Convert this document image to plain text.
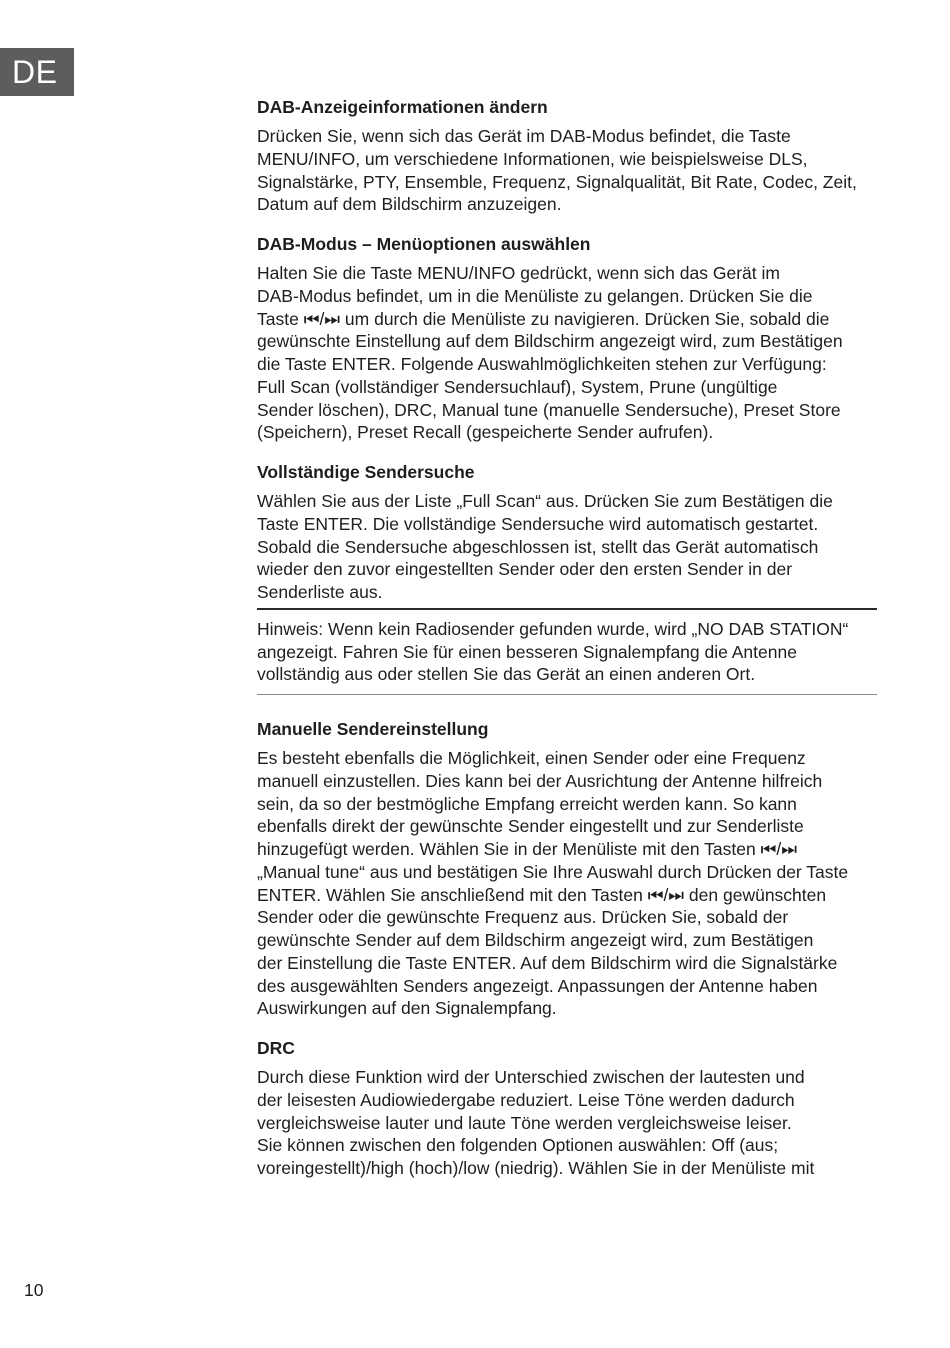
DE
DAB-Anzeigeinformationen ändern

Drücken Sie, wenn sich das Gerät im DAB-Modus befindet, die Taste
MENU/INFO, um verschiedene Informationen, wie beispielsweise DLS,
Signalstärke, PTY, Ensemble, Frequenz, Signalqualität, Bit Rate, Codec, Zeit,
Datum auf dem Bildschirm anzuzeigen.

DAB-Modus – Menüoptionen auswählen

Halten Sie die Taste MENU/INFO gedrückt, wenn sich das Gerät im
DAB-Modus befindet, um in die Menüliste zu gelangen. Drücken Sie die
Taste ⏮/⏭ um durch die Menüliste zu navigieren. Drücken Sie, sobald die
gewünschte Einstellung auf dem Bildschirm angezeigt wird, zum Bestätigen
die Taste ENTER. Folgende Auswahlmöglichkeiten stehen zur Verfügung:
Full Scan (vollständiger Sendersuchlauf), System, Prune (ungültige
Sender löschen), DRC, Manual tune (manuelle Sendersuche), Preset Store
(Speichern), Preset Recall (gespeicherte Sender aufrufen).

Vollständige Sendersuche

Wählen Sie aus der Liste „Full Scan“ aus. Drücken Sie zum Bestätigen die
Taste ENTER. Die vollständige Sendersuche wird automatisch gestartet.
Sobald die Sendersuche abgeschlossen ist, stellt das Gerät automatisch
wieder den zuvor eingestellten Sender oder den ersten Sender in der
Senderliste aus.

Hinweis: Wenn kein Radiosender gefunden wurde, wird „NO DAB STATION“
angezeigt. Fahren Sie für einen besseren Signalempfang die Antenne
vollständig aus oder stellen Sie das Gerät an einen anderen Ort.

Manuelle Sendereinstellung

Es besteht ebenfalls die Möglichkeit, einen Sender oder eine Frequenz
manuell einzustellen. Dies kann bei der Ausrichtung der Antenne hilfreich
sein, da so der bestmögliche Empfang erreicht werden kann. So kann
ebenfalls direkt der gewünschte Sender eingestellt und zur Senderliste
hinzugefügt werden. Wählen Sie in der Menüliste mit den Tasten ⏮/⏭
„Manual tune“ aus und bestätigen Sie Ihre Auswahl durch Drücken der Taste
ENTER. Wählen Sie anschließend mit den Tasten ⏮/⏭ den gewünschten
Sender oder die gewünschte Frequenz aus. Drücken Sie, sobald der
gewünschte Sender auf dem Bildschirm angezeigt wird, zum Bestätigen
der Einstellung die Taste ENTER. Auf dem Bildschirm wird die Signalstärke
des ausgewählten Senders angezeigt. Anpassungen der Antenne haben
Auswirkungen auf den Signalempfang.

DRC

Durch diese Funktion wird der Unterschied zwischen der lautesten und
der leisesten Audiowiedergabe reduziert. Leise Töne werden dadurch
vergleichsweise lauter und laute Töne werden vergleichsweise leiser.
Sie können zwischen den folgenden Optionen auswählen: Off (aus;
voreingestellt)/high (hoch)/low (niedrig). Wählen Sie in der Menüliste mit

10
